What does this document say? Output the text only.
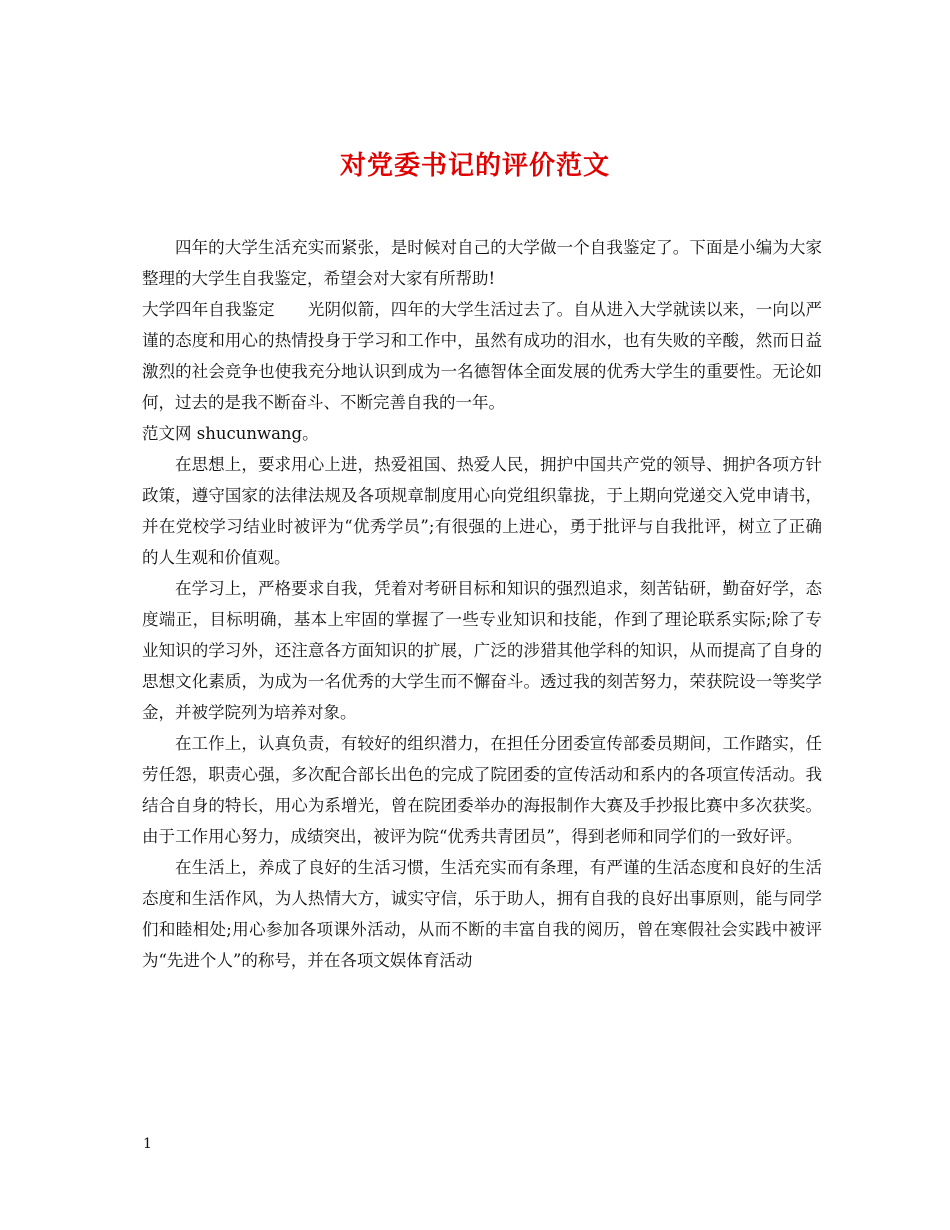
对党委书记的评价范文

四年的大学生活充实而紧张，是时候对自己的大学做一个自我鉴定了。下面是小编为大家整理的大学生自我鉴定，希望会对大家有所帮助!

大学四年自我鉴定　　光阴似箭，四年的大学生活过去了。自从进入大学就读以来，一向以严谨的态度和用心的热情投身于学习和工作中，虽然有成功的泪水，也有失败的辛酸，然而日益激烈的社会竞争也使我充分地认识到成为一名德智体全面发展的优秀大学生的重要性。无论如何，过去的是我不断奋斗、不断完善自我的一年。

范文网 shucunwang。

在思想上，要求用心上进，热爱祖国、热爱人民，拥护中国共产党的领导、拥护各项方针政策，遵守国家的法律法规及各项规章制度用心向党组织靠拢，于上期向党递交入党申请书，并在党校学习结业时被评为“优秀学员”;有很强的上进心，勇于批评与自我批评，树立了正确的人生观和价值观。

在学习上，严格要求自我，凭着对考研目标和知识的强烈追求，刻苦钻研，勤奋好学，态度端正，目标明确，基本上牢固的掌握了一些专业知识和技能，作到了理论联系实际;除了专业知识的学习外，还注意各方面知识的扩展，广泛的涉猎其他学科的知识，从而提高了自身的思想文化素质，为成为一名优秀的大学生而不懈奋斗。透过我的刻苦努力，荣获院设一等奖学金，并被学院列为培养对象。

在工作上，认真负责，有较好的组织潜力，在担任分团委宣传部委员期间，工作踏实，任劳任怨，职责心强，多次配合部长出色的完成了院团委的宣传活动和系内的各项宣传活动。我结合自身的特长，用心为系增光，曾在院团委举办的海报制作大赛及手抄报比赛中多次获奖。由于工作用心努力，成绩突出，被评为院“优秀共青团员”，得到老师和同学们的一致好评。

在生活上，养成了良好的生活习惯，生活充实而有条理，有严谨的生活态度和良好的生活态度和生活作风，为人热情大方，诚实守信，乐于助人，拥有自我的良好出事原则，能与同学们和睦相处;用心参加各项课外活动，从而不断的丰富自我的阅历，曾在寒假社会实践中被评为“先进个人”的称号，并在各项文娱体育活动

1
